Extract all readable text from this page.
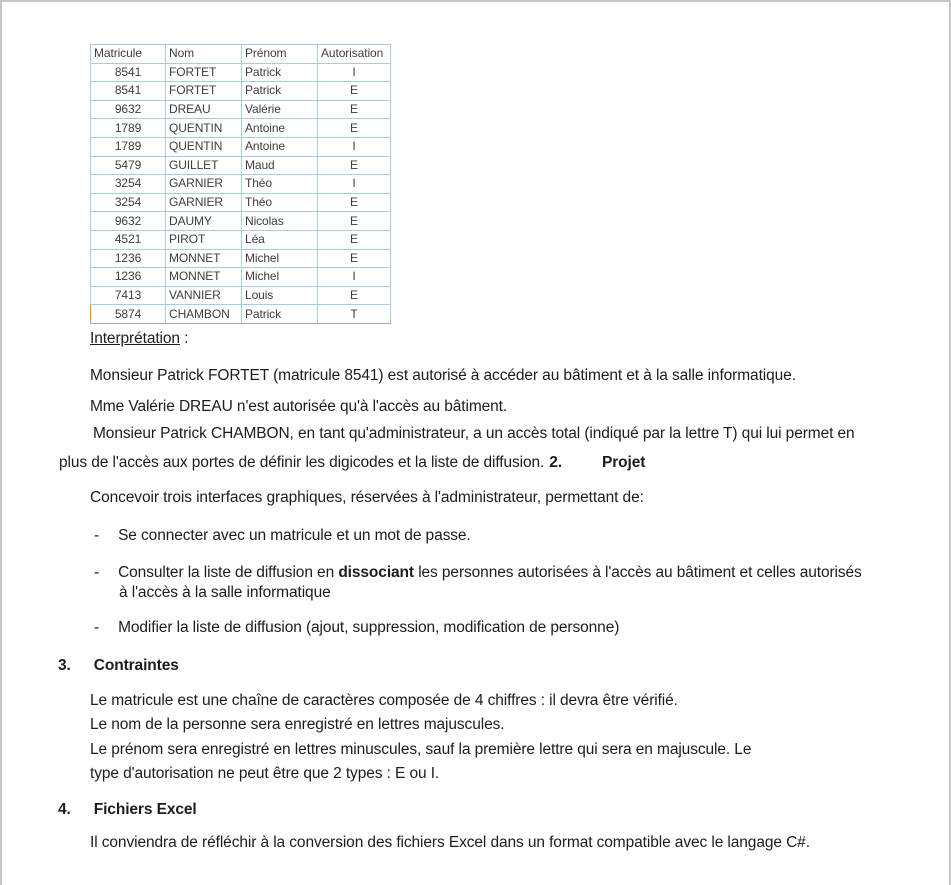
Matricule	Nom	Prénom	Autorisation
8541	FORTET	Patrick	I
8541	FORTET	Patrick	E
9632	DREAU	Valérie	E
1789	QUENTIN	Antoine	E
1789	QUENTIN	Antoine	I
5479	GUILLET	Maud	E
3254	GARNIER	Théo	I
3254	GARNIER	Théo	E
9632	DAUMY	Nicolas	E
4521	PIROT	Léa	E
1236	MONNET	Michel	E
1236	MONNET	Michel	I
7413	VANNIER	Louis	E
5874	CHAMBON	Patrick	T
Interprétation :
Monsieur Patrick FORTET (matricule 8541) est autorisé à accéder au bâtiment et à la salle informatique.
Mme Valérie DREAU n'est autorisée qu'à l'accès au bâtiment.
Monsieur Patrick CHAMBON, en tant qu'administrateur, a un accès total (indiqué par la lettre T) qui lui permet en
plus de l'accès aux portes de définir les digicodes et la liste de diffusion. 2.	Projet
Concevoir trois interfaces graphiques, réservées à l'administrateur, permettant de:
- Se connecter avec un matricule et un mot de passe.
- Consulter la liste de diffusion en dissociant les personnes autorisées à l'accès au bâtiment et celles autorisés
à l'accès à la salle informatique
- Modifier la liste de diffusion (ajout, suppression, modification de personne)
3. Contraintes
Le matricule est une chaîne de caractères composée de 4 chiffres : il devra être vérifié.
Le nom de la personne sera enregistré en lettres majuscules.
Le prénom sera enregistré en lettres minuscules, sauf la première lettre qui sera en majuscule. Le
type d'autorisation ne peut être que 2 types : E ou I.
4. Fichiers Excel
Il conviendra de réfléchir à la conversion des fichiers Excel dans un format compatible avec le langage C#.
